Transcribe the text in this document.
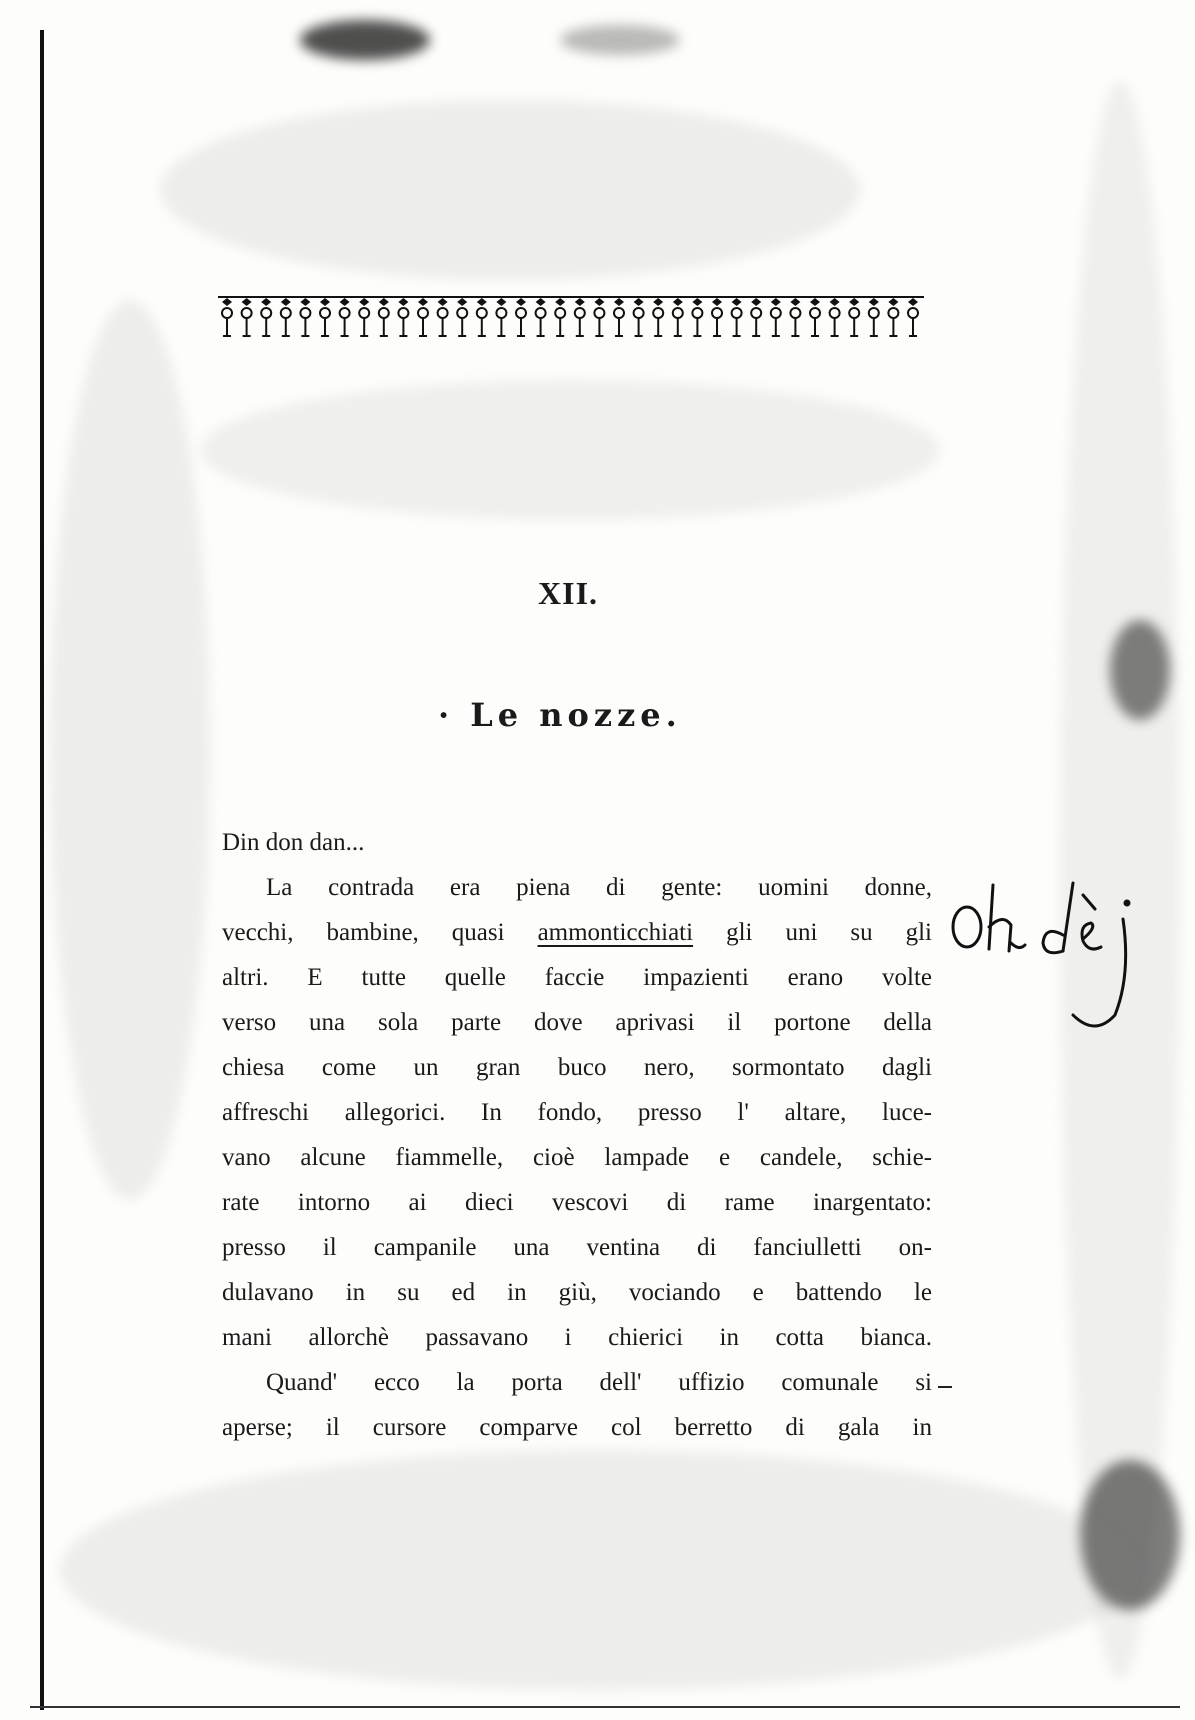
XII.
· Le nozze.
Din don dan...
La contrada era piena di gente: uomini donne,
vecchi, bambine, quasi ammonticchiati gli uni su gli
altri. E tutte quelle faccie impazienti erano volte
verso una sola parte dove aprivasi il portone della
chiesa come un gran buco nero, sormontato dagli
affreschi allegorici. In fondo, presso l' altare, luce-
vano alcune fiammelle, cioè lampade e candele, schie-
rate intorno ai dieci vescovi di rame inargentato:
presso il campanile una ventina di fanciulletti on-
dulavano in su ed in giù, vociando e battendo le
mani allorchè passavano i chierici in cotta bianca.
Quand' ecco la porta dell' uffizio comunale si
aperse; il cursore comparve col berretto di gala in
